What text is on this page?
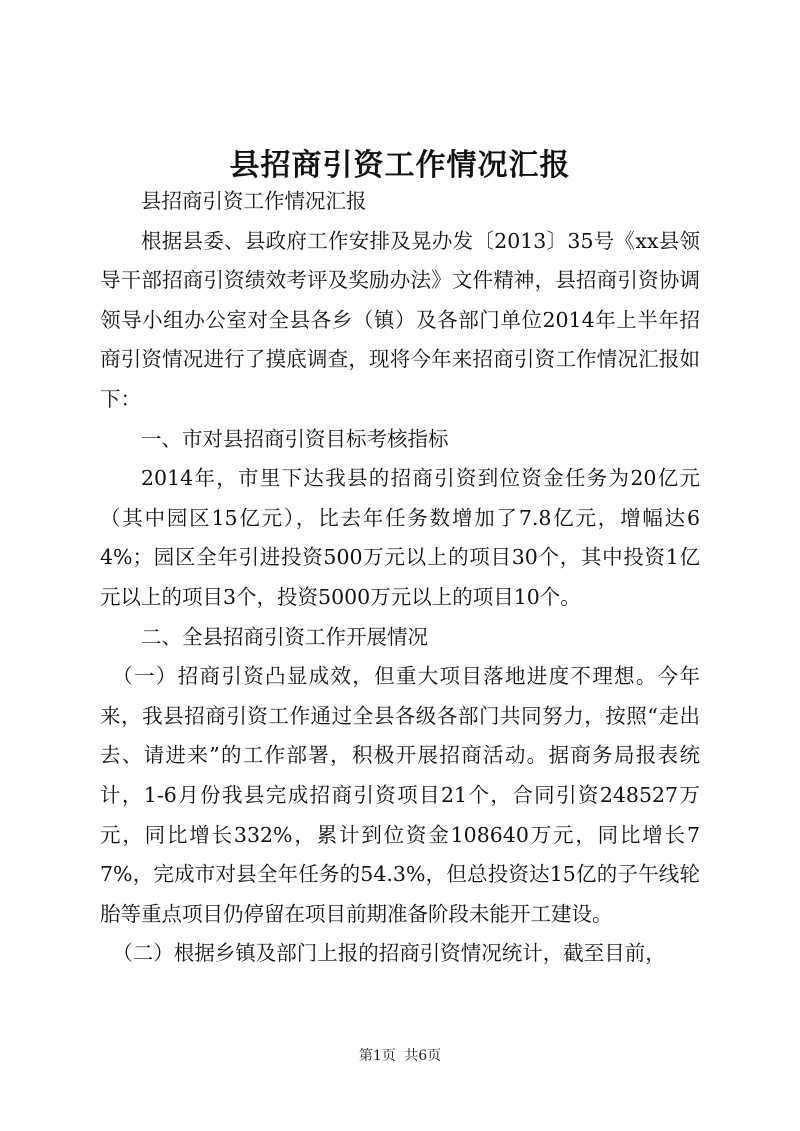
县招商引资工作情况汇报

县招商引资工作情况汇报

根据县委、县政府工作安排及晃办发〔2013〕35号《xx县领导干部招商引资绩效考评及奖励办法》文件精神，县招商引资协调领导小组办公室对全县各乡（镇）及各部门单位2014年上半年招商引资情况进行了摸底调查，现将今年来招商引资工作情况汇报如下：

一、市对县招商引资目标考核指标

2014年，市里下达我县的招商引资到位资金任务为20亿元（其中园区15亿元），比去年任务数增加了7.8亿元，增幅达64%；园区全年引进投资500万元以上的项目30个，其中投资1亿元以上的项目3个，投资5000万元以上的项目10个。

二、全县招商引资工作开展情况

（一）招商引资凸显成效，但重大项目落地进度不理想。今年来，我县招商引资工作通过全县各级各部门共同努力，按照“走出去、请进来”的工作部署，积极开展招商活动。据商务局报表统计，1-6月份我县完成招商引资项目21个，合同引资248527万元，同比增长332%，累计到位资金108640万元，同比增长77%，完成市对县全年任务的54.3%，但总投资达15亿的子午线轮胎等重点项目仍停留在项目前期准备阶段未能开工建设。

（二）根据乡镇及部门上报的招商引资情况统计，截至目前，

第1页 共6页
